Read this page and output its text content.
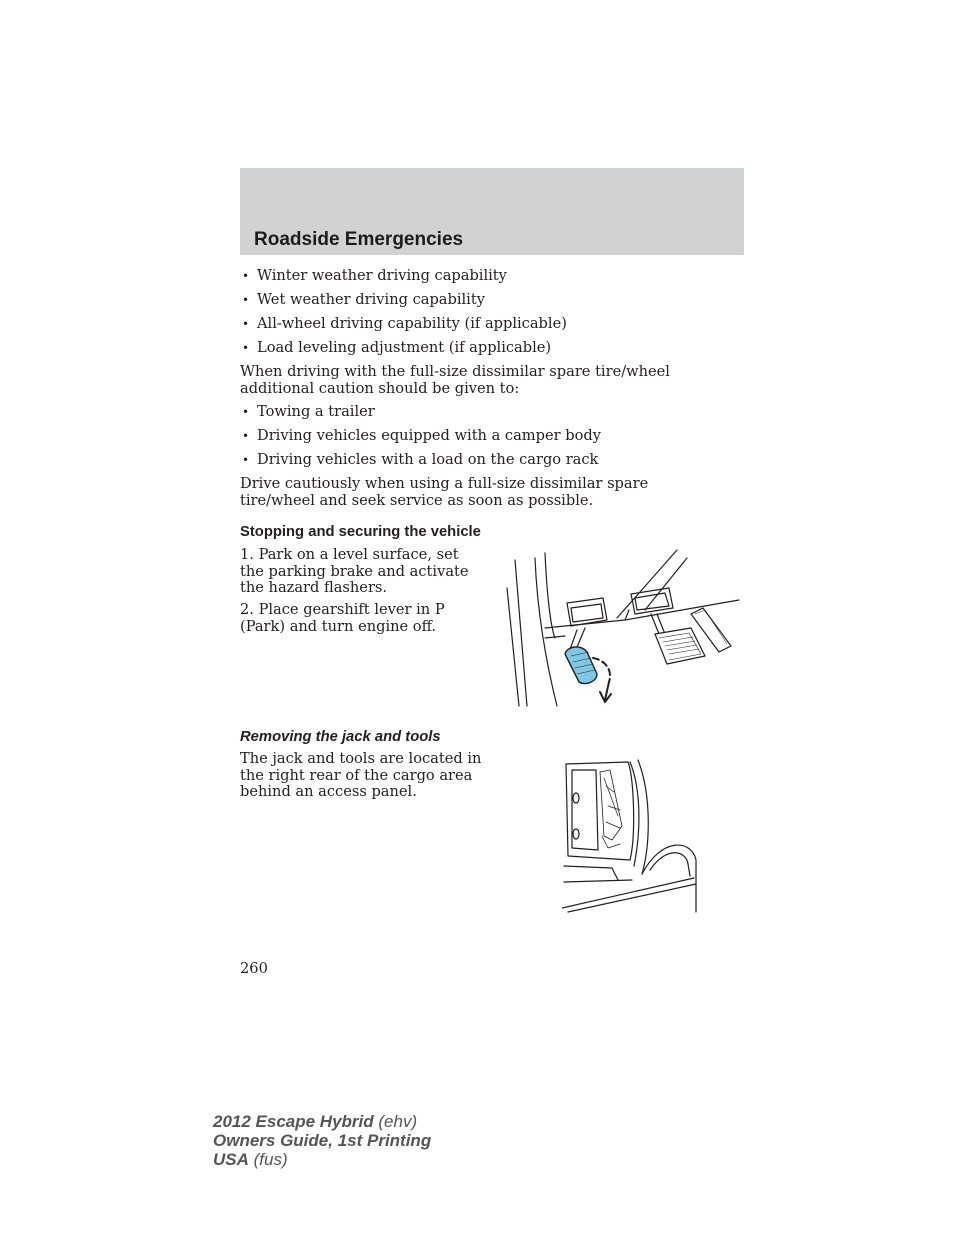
Roadside Emergencies
• Winter weather driving capability
• Wet weather driving capability
• All-wheel driving capability (if applicable)
• Load leveling adjustment (if applicable)

When driving with the full-size dissimilar spare tire/wheel additional caution should be given to:

• Towing a trailer
• Driving vehicles equipped with a camper body
• Driving vehicles with a load on the cargo rack

Drive cautiously when using a full-size dissimilar spare tire/wheel and seek service as soon as possible.

Stopping and securing the vehicle

1. Park on a level surface, set the parking brake and activate the hazard flashers.

2. Place gearshift lever in P (Park) and turn engine off.

Removing the jack and tools

The jack and tools are located in the right rear of the cargo area behind an access panel.

260
2012 Escape Hybrid (ehv)
Owners Guide, 1st Printing
USA (fus)
